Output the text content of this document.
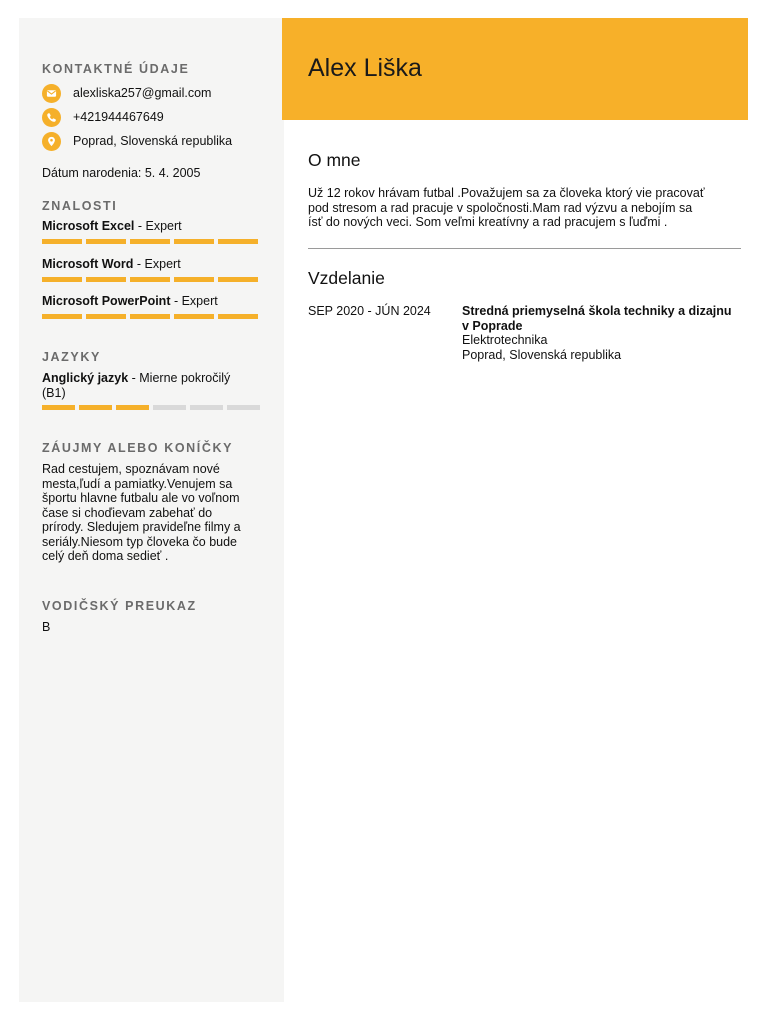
KONTAKTNÉ ÚDAJE
alexliska257@gmail.com
+421944467649
Poprad, Slovenská republika
Dátum narodenia: 5. 4. 2005
ZNALOSTI
Microsoft Excel - Expert
Microsoft Word - Expert
Microsoft PowerPoint - Expert
JAZYKY
Anglický jazyk - Mierne pokročilý
(B1)
ZÁUJMY ALEBO KONÍČKY
Rad cestujem, spoznávam nové
mesta,ľudí a pamiatky.Venujem sa
športu hlavne futbalu ale vo voľnom
čase si choďievam zabehať do
prírody. Sledujem pravideľne filmy a
seriály.Niesom typ človeka čo bude
celý deň doma sedieť .
VODIČSKÝ PREUKAZ
B
Alex Liška
O mne
Už 12 rokov hrávam futbal .Považujem sa za človeka ktorý vie pracovať
pod stresom a rad pracuje v spoločnosti.Mam rad výzvu a nebojím sa
ísť do nových veci. Som veľmi kreatívny a rad pracujem s ľuďmi .
Vzdelanie
SEP 2020 - JÚN 2024 Stredná priemyselná škola techniky a dizajnu
v Poprade
Elektrotechnika
Poprad, Slovenská republika
